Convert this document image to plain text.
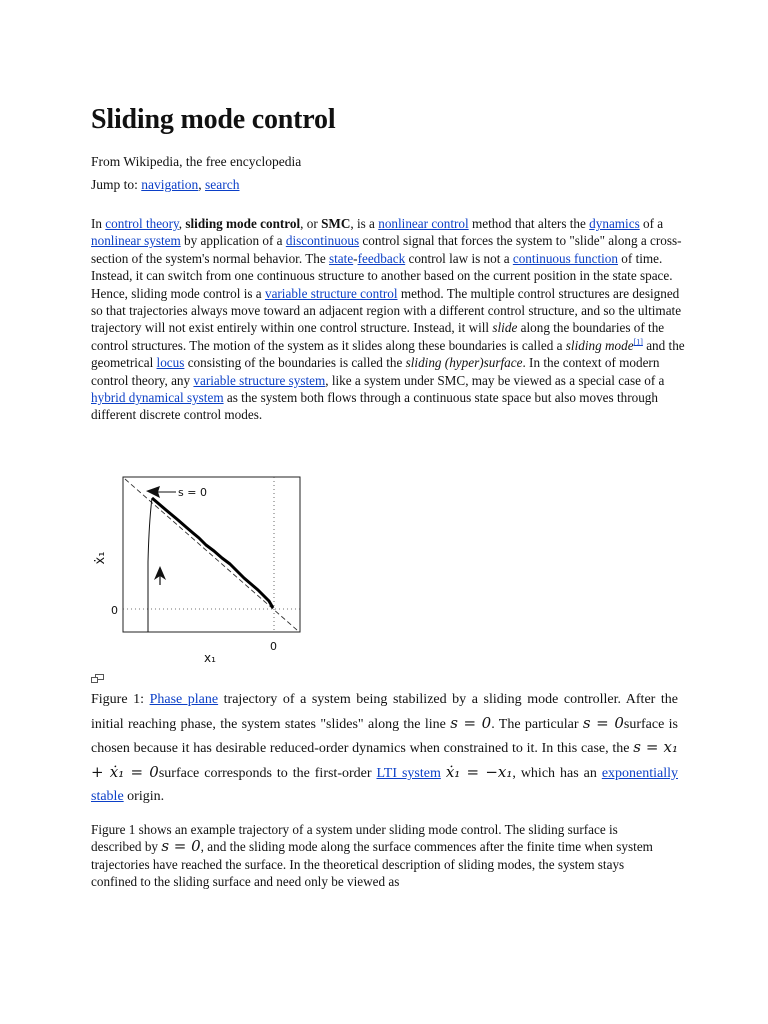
Sliding mode control
From Wikipedia, the free encyclopedia
Jump to: navigation, search

In control theory, sliding mode control, or SMC, is a nonlinear control method that alters the dynamics of a nonlinear system by application of a discontinuous control signal that forces the system to "slide" along a cross-section of the system's normal behavior. The state-feedback control law is not a continuous function of time. Instead, it can switch from one continuous structure to another based on the current position in the state space. Hence, sliding mode control is a variable structure control method. The multiple control structures are designed so that trajectories always move toward an adjacent region with a different control structure, and so the ultimate trajectory will not exist entirely within one control structure. Instead, it will slide along the boundaries of the control structures. The motion of the system as it slides along these boundaries is called a sliding mode[1] and the geometrical locus consisting of the boundaries is called the sliding (hyper)surface. In the context of modern control theory, any variable structure system, like a system under SMC, may be viewed as a special case of a hybrid dynamical system as the system both flows through a continuous state space but also moves through different discrete control modes.

s = 0
ẋ₁
0
0
x₁

Figure 1: Phase plane trajectory of a system being stabilized by a sliding mode controller. After the initial reaching phase, the system states "slides" along the line s = 0. The particular s = 0surface is chosen because it has desirable reduced-order dynamics when constrained to it. In this case, the s = x₁ + ẋ₁ = 0surface corresponds to the first-order LTI system ẋ₁ = −x₁, which has an exponentially stable origin.

Figure 1 shows an example trajectory of a system under sliding mode control. The sliding surface is described by s = 0, and the sliding mode along the surface commences after the finite time when system trajectories have reached the surface. In the theoretical description of sliding modes, the system stays confined to the sliding surface and need only be viewed as
